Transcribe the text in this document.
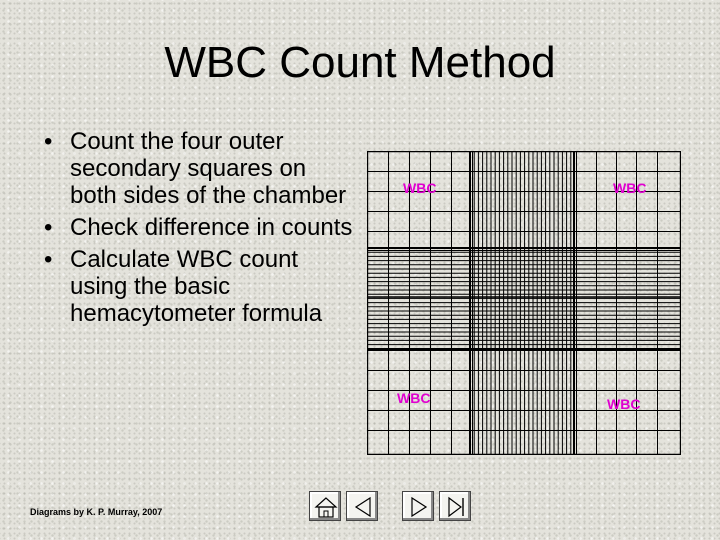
WBC Count Method
• Count the four outer secondary squares on both sides of the chamber
• Check difference in counts
• Calculate WBC count using the basic hemacytometer formula
WBC	WBC
WBC	WBC
Diagrams by K. P. Murray, 2007
